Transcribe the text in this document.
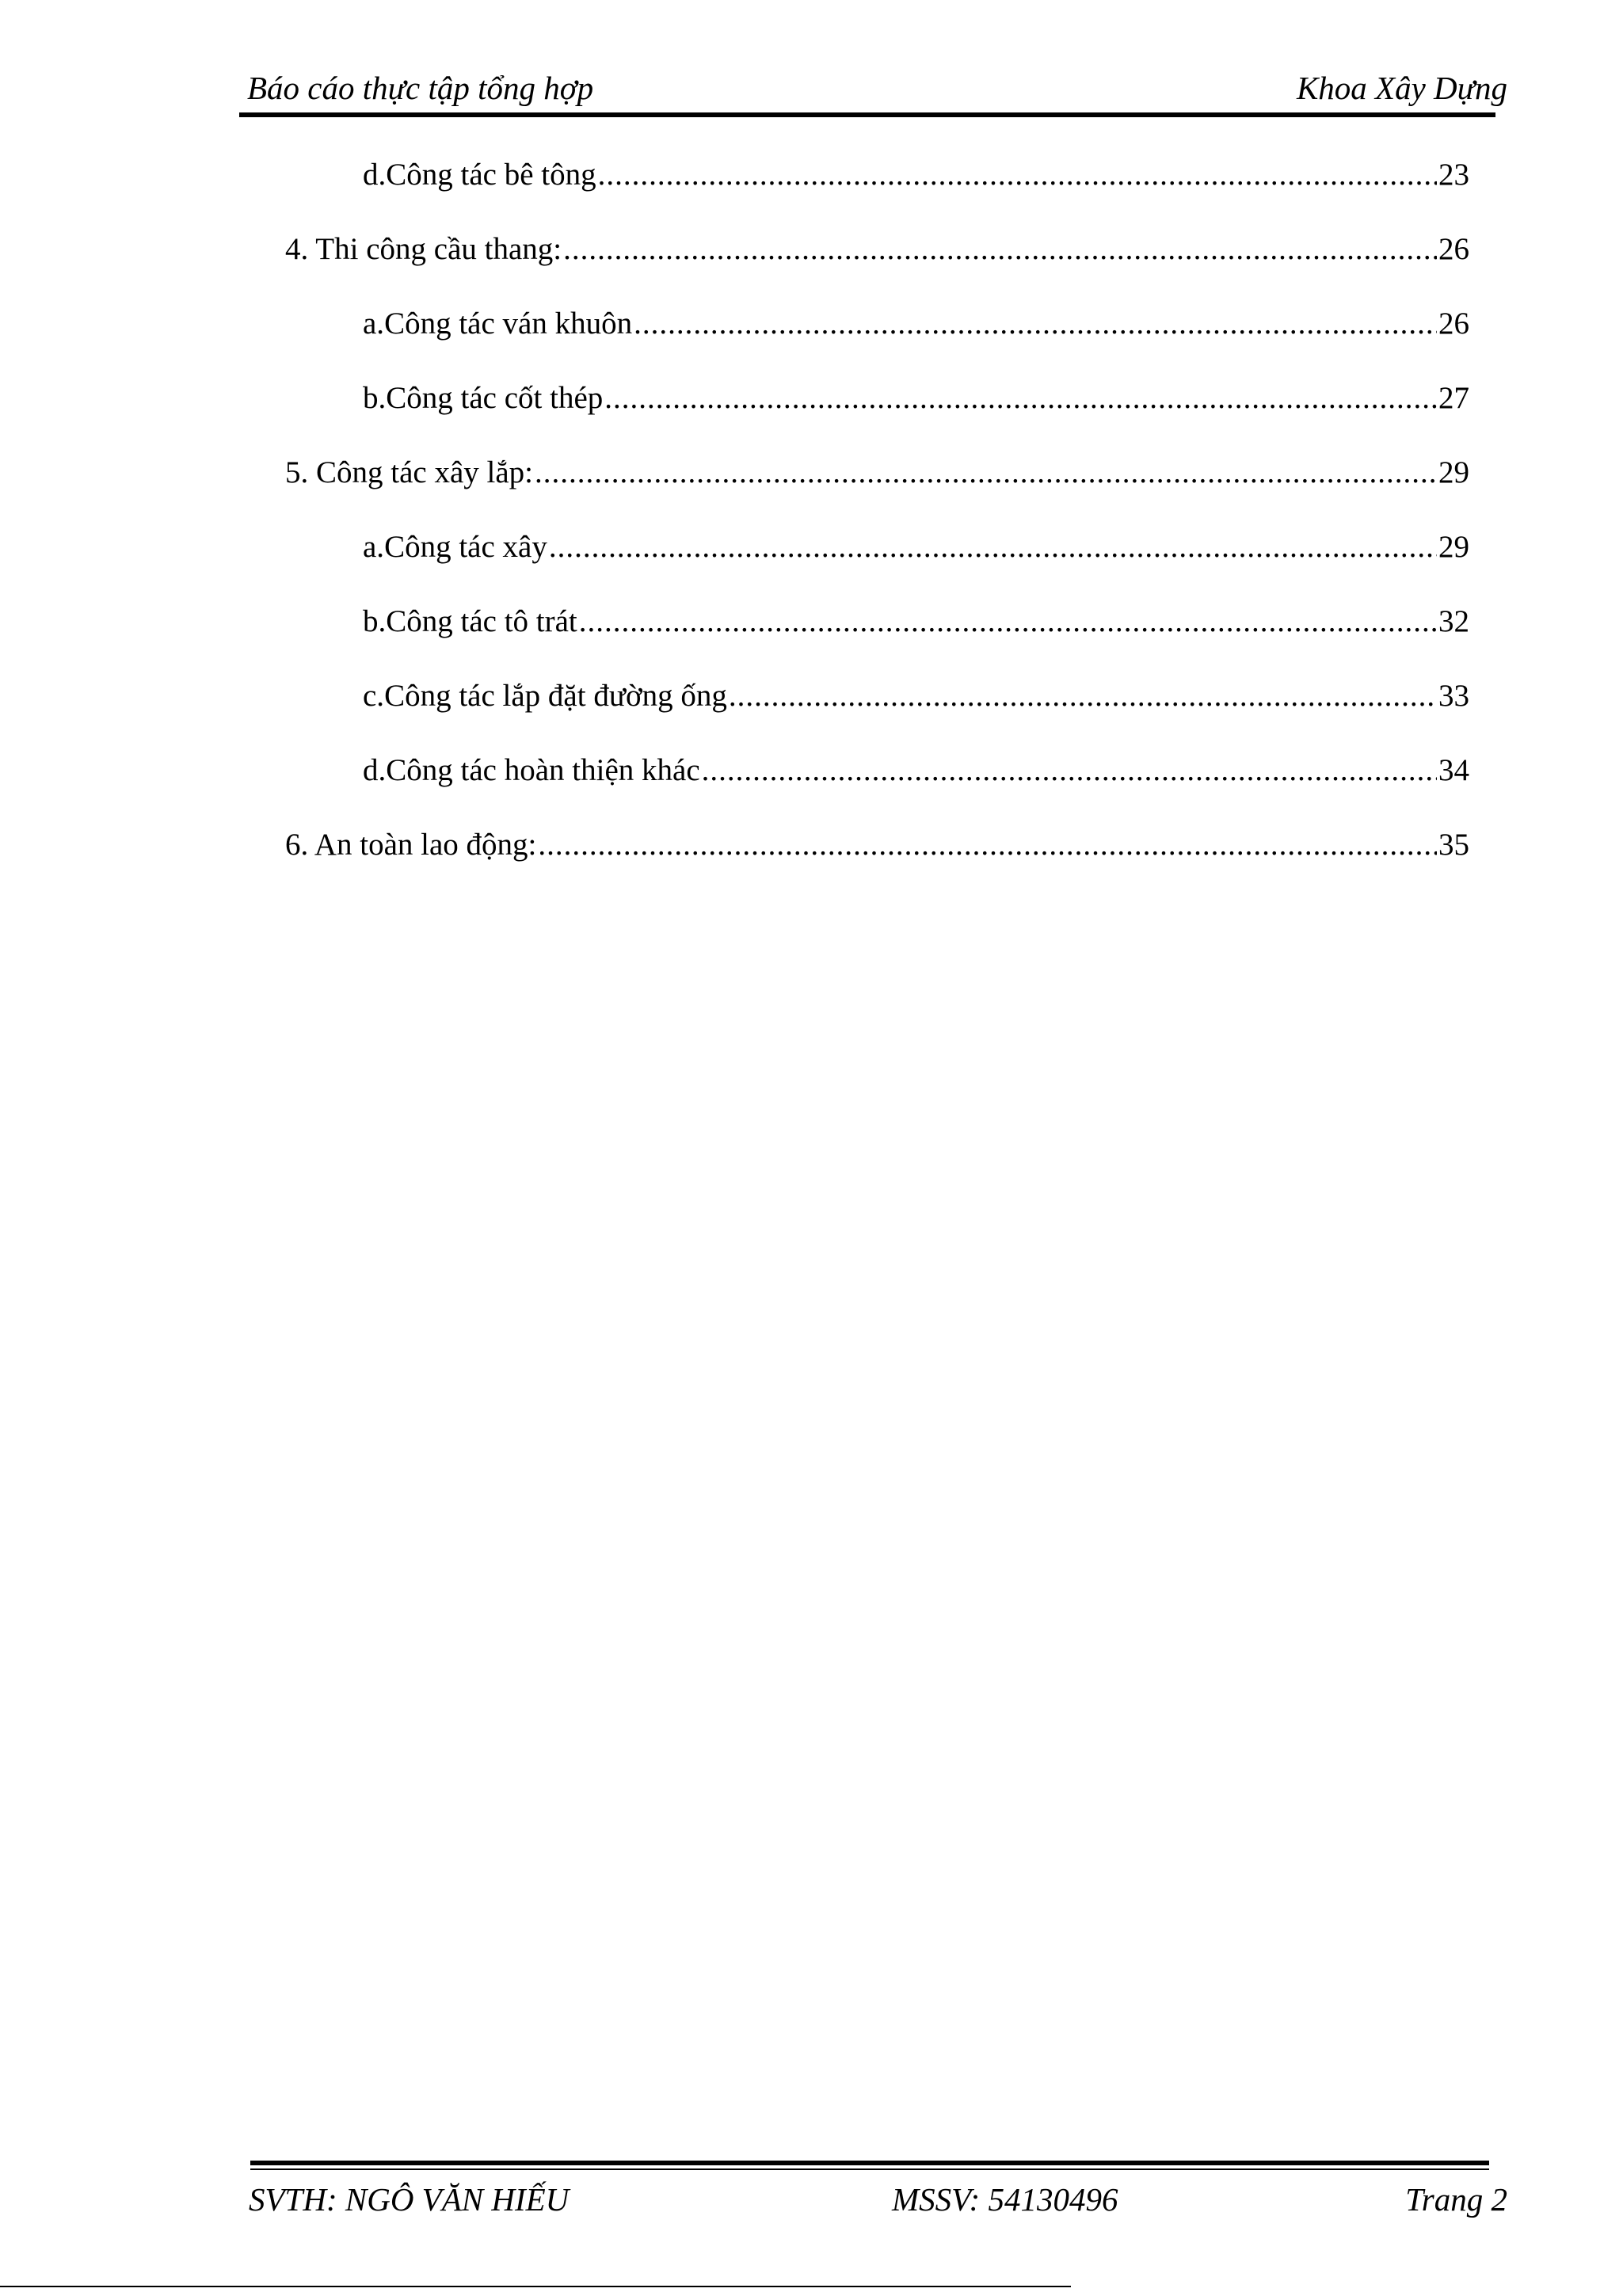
Báo cáo thực tập tổng hợp	Khoa Xây Dựng
d. Công tác bê tông .....	23
4. Thi công cầu thang: .....	26
a. Công tác ván khuôn .....	26
b. Công tác cốt thép .....	27
5. Công tác xây lắp: .....	29
a. Công tác xây .....	29
b. Công tác tô trát .....	32
c. Công tác lắp đặt đường ống .....	33
d. Công tác hoàn thiện khác .....	34
6. An toàn lao động: .....	35
SVTH: NGÔ VĂN HIẾU	MSSV: 54130496	Trang 2
